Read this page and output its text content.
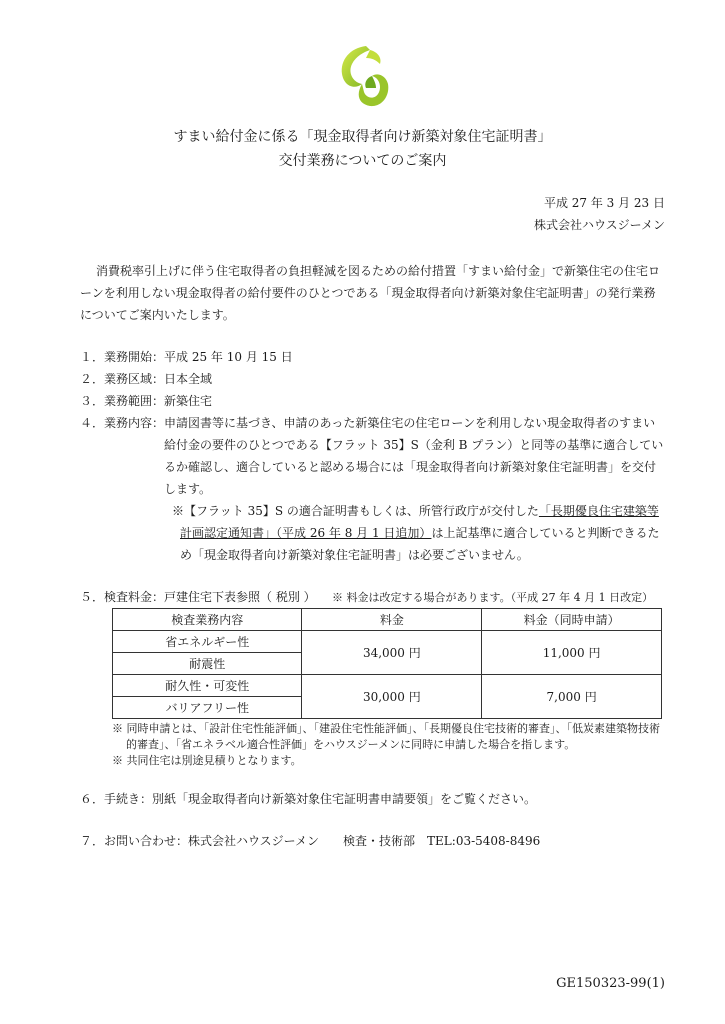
すまい給付金に係る「現金取得者向け新築対象住宅証明書」
交付業務についてのご案内
平成 27 年 3 月 23 日
株式会社ハウスジーメン
消費税率引上げに伴う住宅取得者の負担軽減を図るための給付措置「すまい給付金」で新築住宅の住宅ロ
ーンを利用しない現金取得者の給付要件のひとつである「現金取得者向け新築対象住宅証明書」の発行業務
についてご案内いたします。
１．業務開始：平成 25 年 10 月 15 日
２．業務区域：日本全域
３．業務範囲：新築住宅
４．業務内容： 申請図書等に基づき、申請のあった新築住宅の住宅ローンを利用しない現金取得者のすまい
給付金の要件のひとつである【フラット 35】S（金利 B プラン）と同等の基準に適合してい
るか確認し、適合していると認める場合には「現金取得者向け新築対象住宅証明書」を交付
します。
※【フラット 35】S の適合証明書もしくは、所管行政庁が交付した「長期優良住宅建築等
計画認定通知書」（平成 26 年 8 月 1 日追加）は上記基準に適合していると判断できるた
め「現金取得者向け新築対象住宅証明書」は必要ございません。
５．検査料金：戸建住宅下表参照（ 税別 ） ※ 料金は改定する場合があります。（平成 27 年 4 月 1 日改定）
検査業務内容	料金	料金（同時申請）
省エネルギー性	34,000 円	11,000 円
耐震性		
耐久性・可変性	30,000 円	7,000 円
バリアフリー性		
※ 同時申請とは、「設計住宅性能評価」、「建設住宅性能評価」、「長期優良住宅技術的審査」、「低炭素建築物技術
的審査」、「省エネラベル適合性評価」をハウスジーメンに同時に申請した場合を指します。
※ 共同住宅は別途見積りとなります。
６．手続き：別紙「現金取得者向け新築対象住宅証明書申請要領」をご覧ください。
７．お問い合わせ：株式会社ハウスジーメン　　検査・技術部　TEL:03-5408-8496
GE150323-99(1)
